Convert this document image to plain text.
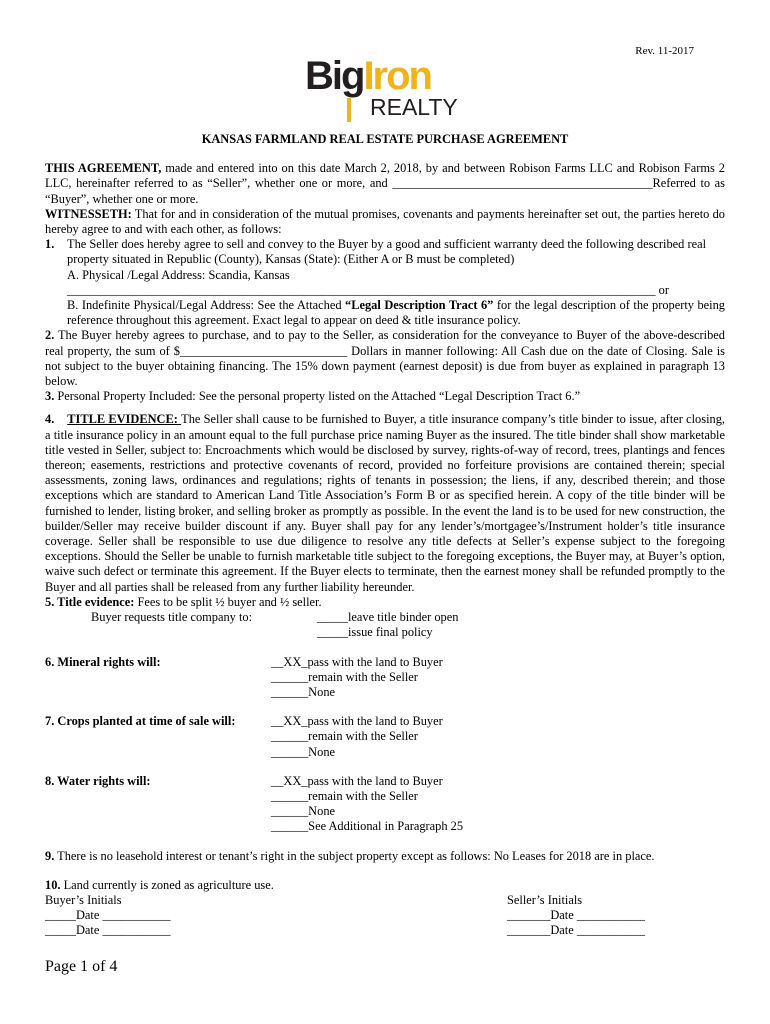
Rev. 11-2017
BigIron
REALTY
KANSAS FARMLAND REAL ESTATE PURCHASE AGREEMENT

THIS AGREEMENT, made and entered into on this date March 2, 2018, by and between Robison Farms LLC and Robison Farms 2 LLC, hereinafter referred to as “Seller”, whether one or more, and __________________________________________Referred to as “Buyer”, whether one or more.

WITNESSETH: That for and in consideration of the mutual promises, covenants and payments hereinafter set out, the parties hereto do hereby agree to and with each other, as follows:

1.	The Seller does hereby agree to sell and convey to the Buyer by a good and sufficient warranty deed the following described real property situated in Republic (County), Kansas (State): (Either A or B must be completed)

A. Physical /Legal Address: Scandia, Kansas

_______________________________________________________________________________________________ or

B. Indefinite Physical/Legal Address: See the Attached “Legal Description Tract 6” for the legal description of the property being reference throughout this agreement. Exact legal to appear on deed & title insurance policy.

2. The Buyer hereby agrees to purchase, and to pay to the Seller, as consideration for the conveyance to Buyer of the above-described real property, the sum of $___________________________ Dollars in manner following: All Cash due on the date of Closing. Sale is not subject to the buyer obtaining financing. The 15% down payment (earnest deposit) is due from buyer as explained in paragraph 13 below.

3. Personal Property Included: See the personal property listed on the Attached “Legal Description Tract 6.”

4. TITLE EVIDENCE: The Seller shall cause to be furnished to Buyer, a title insurance company’s title binder to issue, after closing, a title insurance policy in an amount equal to the full purchase price naming Buyer as the insured. The title binder shall show marketable title vested in Seller, subject to: Encroachments which would be disclosed by survey, rights-of-way of record, trees, plantings and fences thereon; easements, restrictions and protective covenants of record, provided no forfeiture provisions are contained therein; special assessments, zoning laws, ordinances and regulations; rights of tenants in possession; the liens, if any, described therein; and those exceptions which are standard to American Land Title Association’s Form B or as specified herein. A copy of the title binder will be furnished to lender, listing broker, and selling broker as promptly as possible. In the event the land is to be used for new construction, the builder/Seller may receive builder discount if any. Buyer shall pay for any lender’s/mortgagee’s/Instrument holder’s title insurance coverage. Seller shall be responsible to use due diligence to resolve any title defects at Seller’s expense subject to the foregoing exceptions. Should the Seller be unable to furnish marketable title subject to the foregoing exceptions, the Buyer may, at Buyer’s option, waive such defect or terminate this agreement. If the Buyer elects to terminate, then the earnest money shall be refunded promptly to the Buyer and all parties shall be released from any further liability hereunder.

5. Title evidence: Fees to be split ½ buyer and ½ seller.

Buyer requests title company to:	_____leave title binder open
_____issue final policy
6. Mineral rights will:	__XX_pass with the land to Buyer
______remain with the Seller
______None
7. Crops planted at time of sale will:	__XX_pass with the land to Buyer
______remain with the Seller
______None
8. Water rights will:	__XX_pass with the land to Buyer
______remain with the Seller
______None
______See Additional in Paragraph 25

9. There is no leasehold interest or tenant’s right in the subject property except as follows: No Leases for 2018 are in place.

10. Land currently is zoned as agriculture use.

Buyer’s Initials
_____Date ___________
_____Date ___________
Seller’s Initials
_______Date ___________
_______Date ___________
Page 1 of 4
